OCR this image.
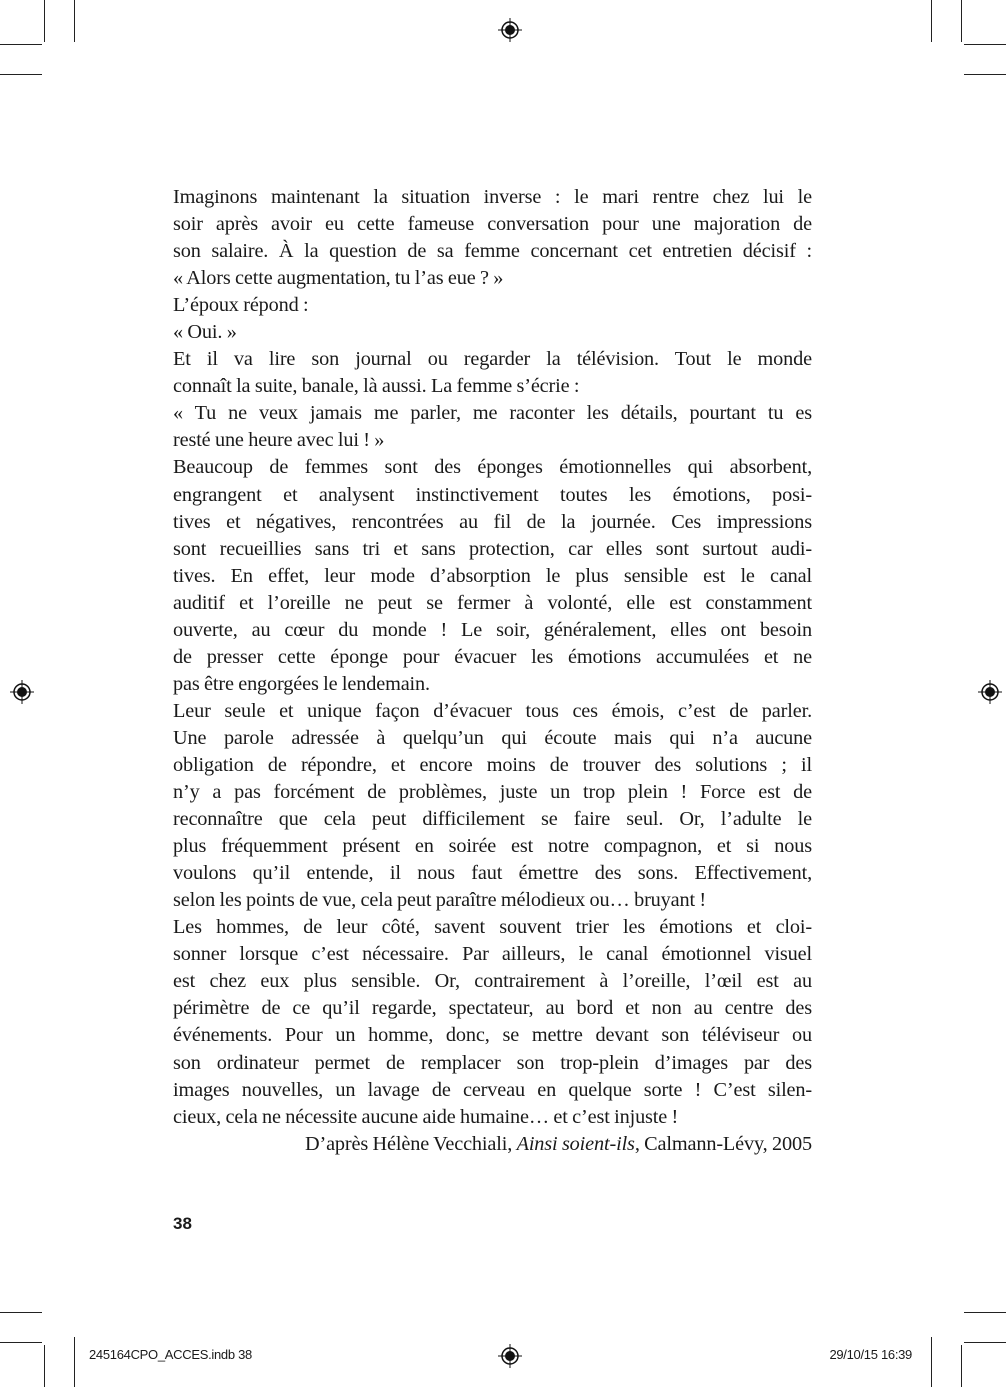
Imaginons maintenant la situation inverse : le mari rentre chez lui le
soir après avoir eu cette fameuse conversation pour une majoration de
son salaire. À la question de sa femme concernant cet entretien décisif :
« Alors cette augmentation, tu l’as eue ? »
L’époux répond :
« Oui. »
Et il va lire son journal ou regarder la télévision. Tout le monde
connaît la suite, banale, là aussi. La femme s’écrie :
« Tu ne veux jamais me parler, me raconter les détails, pourtant tu es
resté une heure avec lui ! »
Beaucoup de femmes sont des éponges émotionnelles qui absorbent,
engrangent et analysent instinctivement toutes les émotions, posi-
tives et négatives, rencontrées au fil de la journée. Ces impressions
sont recueillies sans tri et sans protection, car elles sont surtout audi-
tives. En effet, leur mode d’absorption le plus sensible est le canal
auditif et l’oreille ne peut se fermer à volonté, elle est constamment
ouverte, au cœur du monde ! Le soir, généralement, elles ont besoin
de presser cette éponge pour évacuer les émotions accumulées et ne
pas être engorgées le lendemain.
Leur seule et unique façon d’évacuer tous ces émois, c’est de parler.
Une parole adressée à quelqu’un qui écoute mais qui n’a aucune
obligation de répondre, et encore moins de trouver des solutions ; il
n’y a pas forcément de problèmes, juste un trop plein ! Force est de
reconnaître que cela peut difficilement se faire seul. Or, l’adulte le
plus fréquemment présent en soirée est notre compagnon, et si nous
voulons qu’il entende, il nous faut émettre des sons. Effectivement,
selon les points de vue, cela peut paraître mélodieux ou… bruyant !
Les hommes, de leur côté, savent souvent trier les émotions et cloi-
sonner lorsque c’est nécessaire. Par ailleurs, le canal émotionnel visuel
est chez eux plus sensible. Or, contrairement à l’oreille, l’œil est au
périmètre de ce qu’il regarde, spectateur, au bord et non au centre des
événements. Pour un homme, donc, se mettre devant son téléviseur ou
son ordinateur permet de remplacer son trop-plein d’images par des
images nouvelles, un lavage de cerveau en quelque sorte ! C’est silen-
cieux, cela ne nécessite aucune aide humaine… et c’est injuste !
D’après Hélène Vecchiali, Ainsi soient-ils, Calmann-Lévy, 2005
38
245164CPO_ACCES.indb 38	29/10/15 16:39
